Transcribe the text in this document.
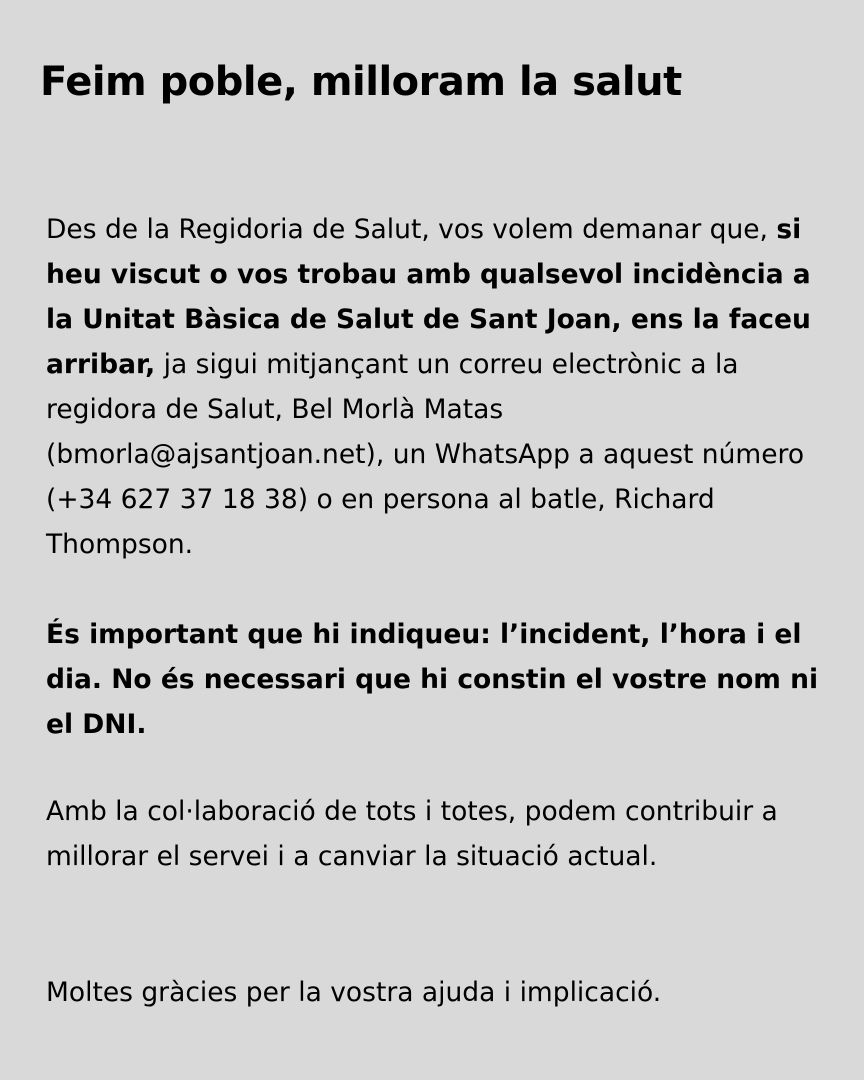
Feim poble, milloram la salut

Des de la Regidoria de Salut, vos volem demanar que, si heu viscut o vos trobau amb qualsevol incidència a la Unitat Bàsica de Salut de Sant Joan, ens la faceu arribar, ja sigui mitjançant un correu electrònic a la regidora de Salut, Bel Morlà Matas (bmorla@ajsantjoan.net), un WhatsApp a aquest número (+34 627 37 18 38) o en persona al batle, Richard Thompson.

És important que hi indiqueu: l’incident, l’hora i el dia. No és necessari que hi constin el vostre nom ni el DNI.

Amb la col·laboració de tots i totes, podem contribuir a millorar el servei i a canviar la situació actual.

Moltes gràcies per la vostra ajuda i implicació.
